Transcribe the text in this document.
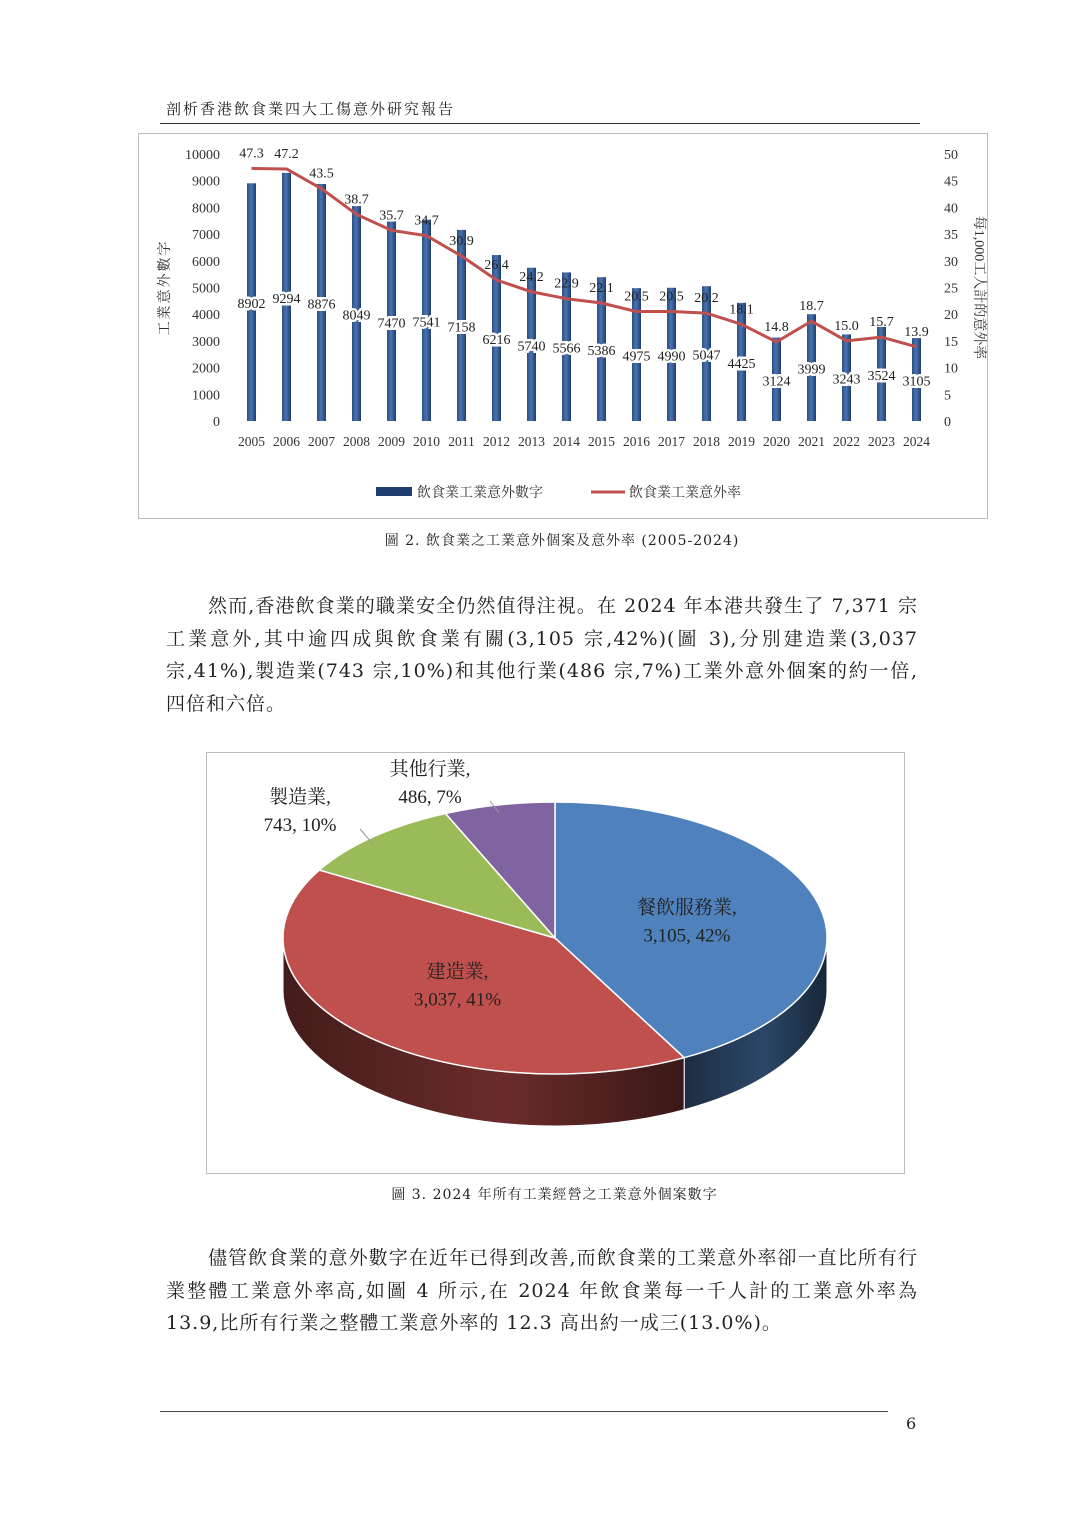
剖析香港飲食業四大工傷意外研究報告
0
1000
2000
3000
4000
5000
6000
7000
8000
9000
10000
0
5
10
15
20
25
30
35
40
45
50
工業意外數字	每1,000工人計的意外率
8902 9294 8876
8049
7470 7541 7158
6216 5740 5566 5386 4975 4990 5047
4425
3124
3999
3243 3524 3105
47.3 47.2
43.5
38.7
35.7 34.7
30.9
26.4
24.2 22.9 22.1
20.5 20.5 20.2
18.1
14.8
18.7
15.0 15.7
13.9
2005 2006 2007 2008 2009 2010 2011 2012 2013 2014 2015 2016 2017 2018 2019 2020 2021 2022 2023 2024
飲食業工業意外數字	飲食業工業意外率
圖 2. 飲食業之工業意外個案及意外率 (2005-2024)
然而,香港飲食業的職業安全仍然值得注視。在 2024 年本港共發生了 7,371 宗工業意外,其中逾四成與飲食業有關(3,105 宗,42%)(圖 3),分別建造業(3,037 宗,41%),製造業(743 宗,10%)和其他行業(486 宗,7%)工業外意外個案的約一倍,四倍和六倍。
餐飲服務業,
3,105, 42%
建造業,
3,037, 41%
製造業,
743, 10%
其他行業,
486, 7%
圖 3. 2024 年所有工業經營之工業意外個案數字
儘管飲食業的意外數字在近年已得到改善,而飲食業的工業意外率卻一直比所有行業整體工業意外率高,如圖 4 所示,在 2024 年飲食業每一千人計的工業意外率為 13.9,比所有行業之整體工業意外率的 12.3 高出約一成三(13.0%)。
6
